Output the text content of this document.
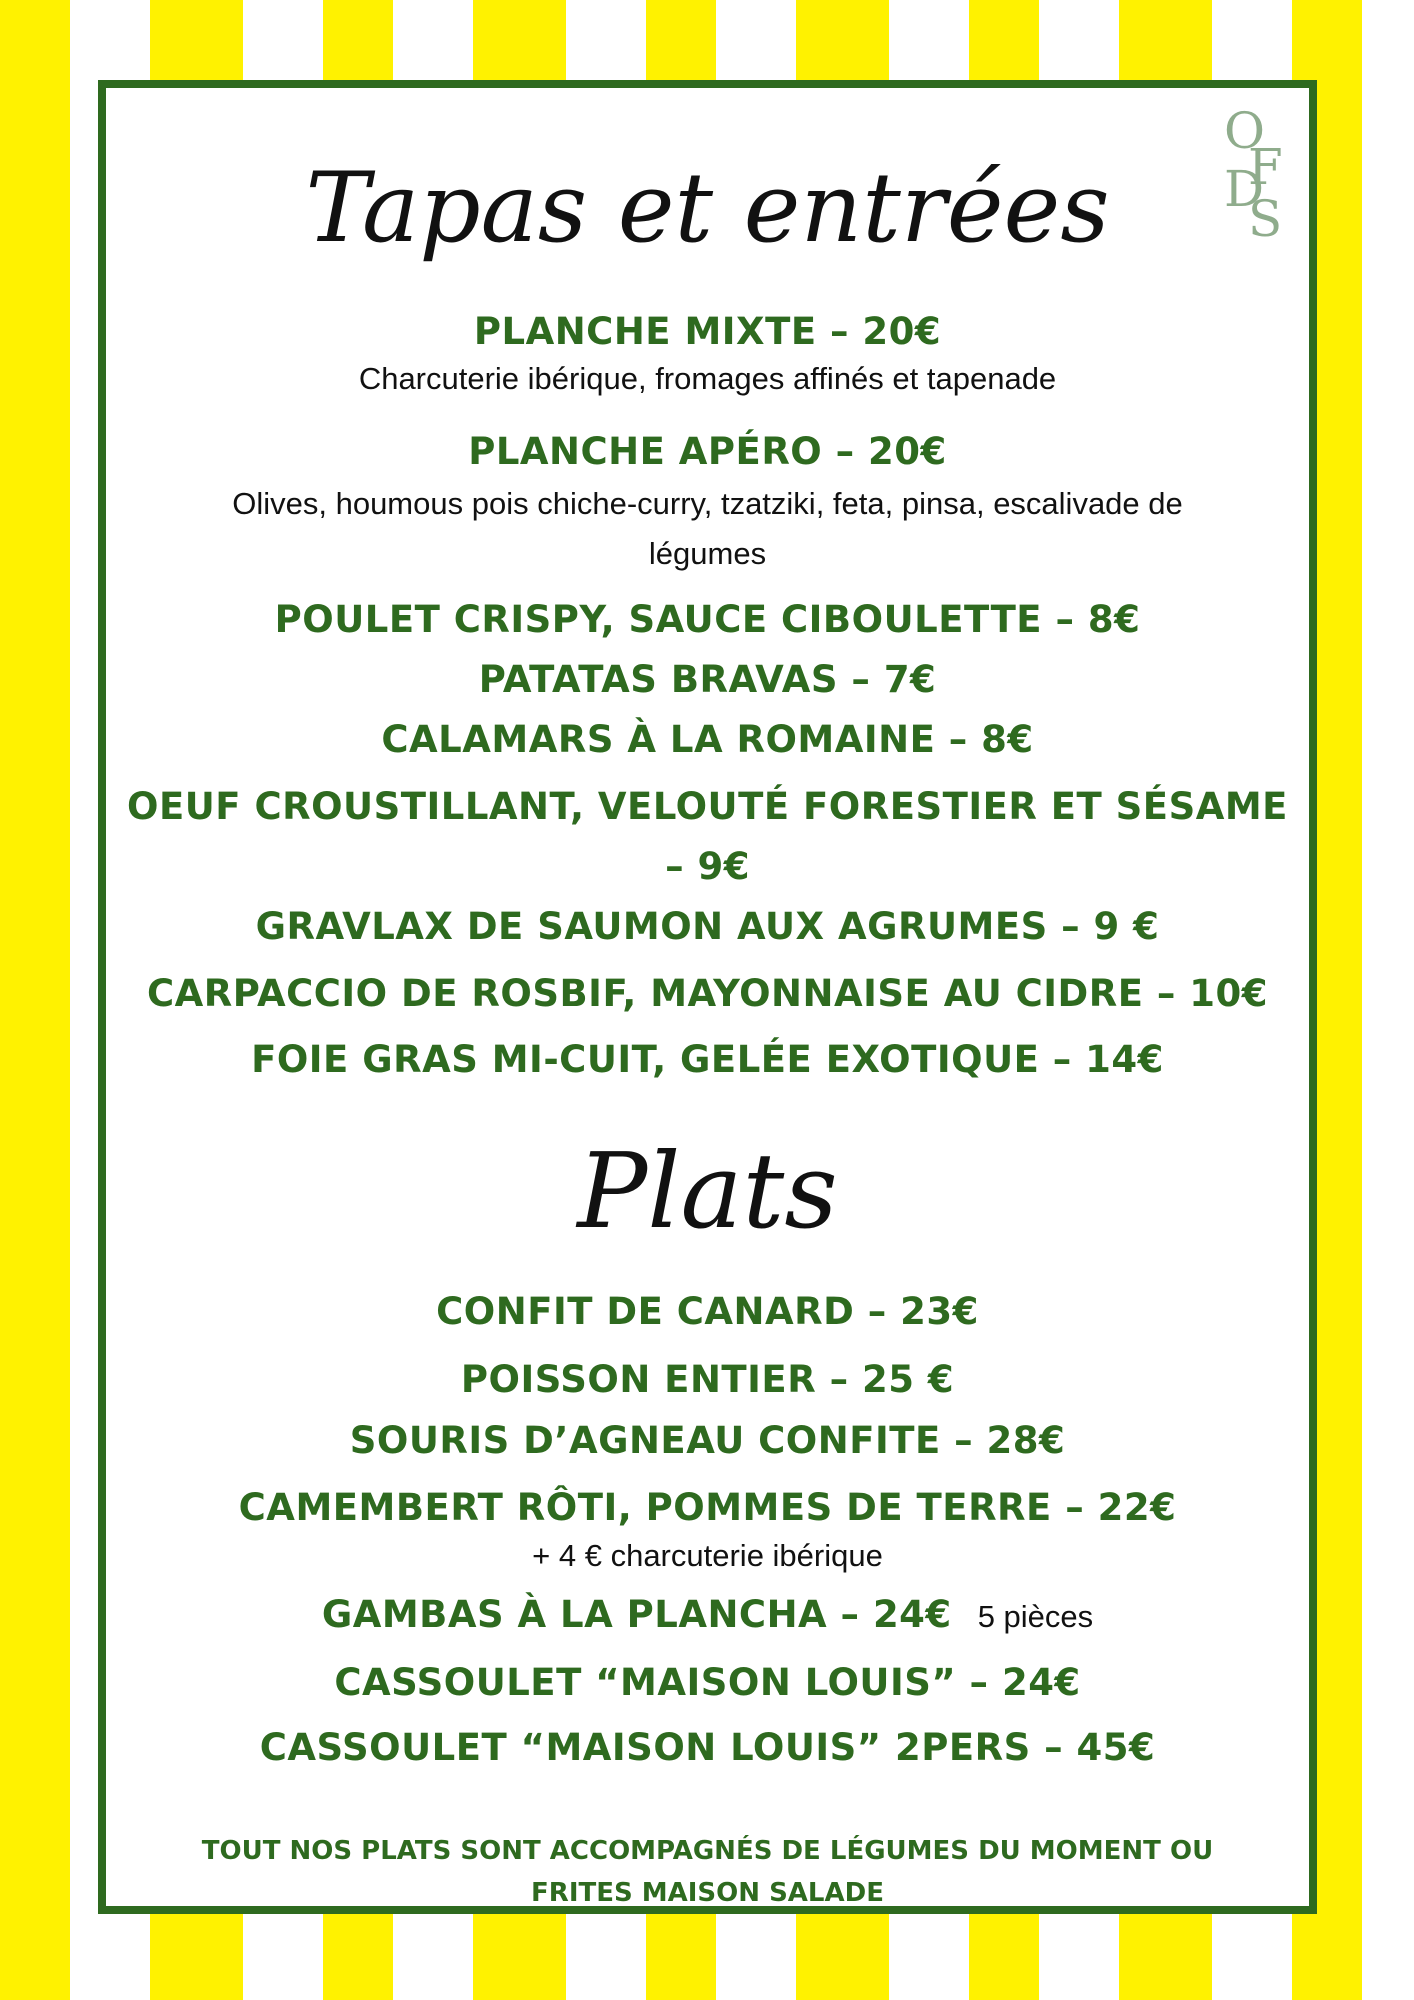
O
F
D
S
Tapas et entrées
PLANCHE MIXTE – 20€
Charcuterie ibérique, fromages affinés et tapenade
PLANCHE APÉRO – 20€
Olives, houmous pois chiche-curry, tzatziki, feta, pinsa, escalivade de
légumes
POULET CRISPY, SAUCE CIBOULETTE – 8€
PATATAS BRAVAS – 7€
CALAMARS À LA ROMAINE – 8€
OEUF CROUSTILLANT, VELOUTÉ FORESTIER ET SÉSAME
– 9€
GRAVLAX DE SAUMON AUX AGRUMES – 9 €
CARPACCIO DE ROSBIF, MAYONNAISE AU CIDRE – 10€
FOIE GRAS MI-CUIT, GELÉE EXOTIQUE – 14€
Plats
CONFIT DE CANARD – 23€
POISSON ENTIER – 25 €
SOURIS D’AGNEAU CONFITE – 28€
CAMEMBERT RÔTI, POMMES DE TERRE – 22€
+ 4 € charcuterie ibérique
GAMBAS À LA PLANCHA – 24€ 5 pièces
CASSOULET “MAISON LOUIS” – 24€
CASSOULET “MAISON LOUIS” 2PERS – 45€
TOUT NOS PLATS SONT ACCOMPAGNÉS DE LÉGUMES DU MOMENT OU
FRITES MAISON SALADE
